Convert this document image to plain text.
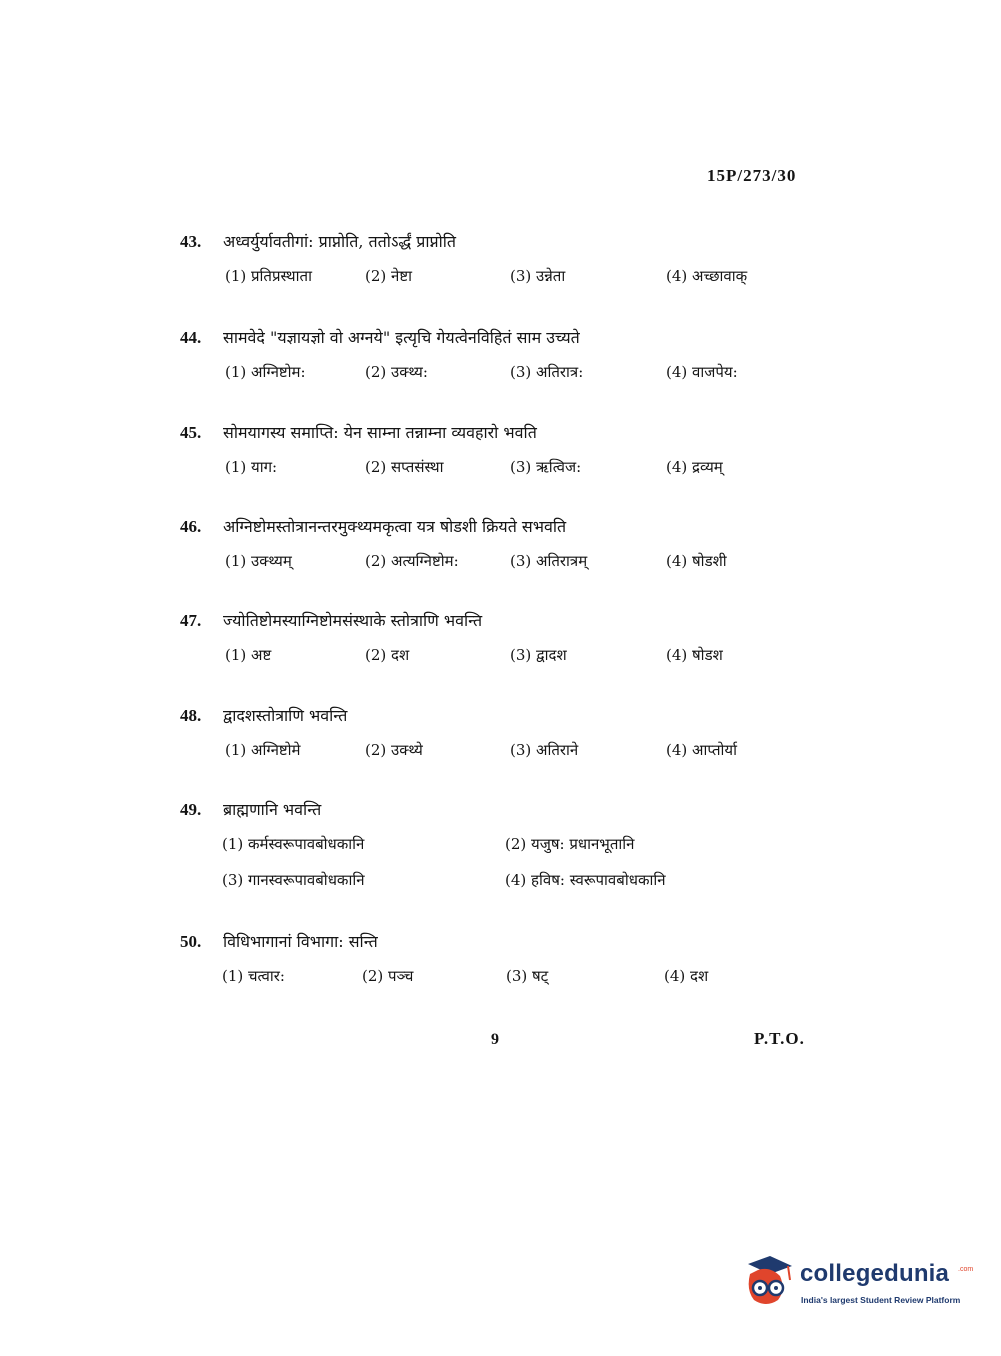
15P/273/30
43.	अध्वर्युर्यावतीगां: प्राप्नोति, ततोऽर्द्धं प्राप्नोति
(1) प्रतिप्रस्थाता	(2) नेष्टा	(3) उन्नेता	(4) अच्छावाक्
44.	सामवेदे "यज्ञायज्ञो वो अग्नये" इत्यृचि गेयत्वेनविहितं साम उच्यते
(1) अग्निष्टोम:	(2) उक्थ्य:	(3) अतिरात्र:	(4) वाजपेय:
45.	सोमयागस्य समाप्ति: येन साम्ना तन्नाम्ना व्यवहारो भवति
(1) याग:	(2) सप्तसंस्था	(3) ऋत्विज:	(4) द्रव्यम्
46.	अग्निष्टोमस्तोत्रानन्तरमुक्थ्यमकृत्वा यत्र षोडशी क्रियते सभवति
(1) उक्थ्यम्	(2) अत्यग्निष्टोम:	(3) अतिरात्रम्	(4) षोडशी
47.	ज्योतिष्टोमस्याग्निष्टोमसंस्थाके स्तोत्राणि भवन्ति
(1) अष्ट	(2) दश	(3) द्वादश	(4) षोडश
48.	द्वादशस्तोत्राणि भवन्ति
(1) अग्निष्टोमे	(2) उक्थ्ये	(3) अतिराने	(4) आप्तोर्या
49.	ब्राह्मणानि भवन्ति
(1) कर्मस्वरूपावबोधकानि	(2) यजुष: प्रधानभूतानि
(3) गानस्वरूपावबोधकानि	(4) हविष: स्वरूपावबोधकानि
50.	विधिभागानां विभागा: सन्ति
(1) चत्वार:	(2) पञ्च	(3) षट्	(4) दश
9	P.T.O.
collegedunia .com
India's largest Student Review Platform
